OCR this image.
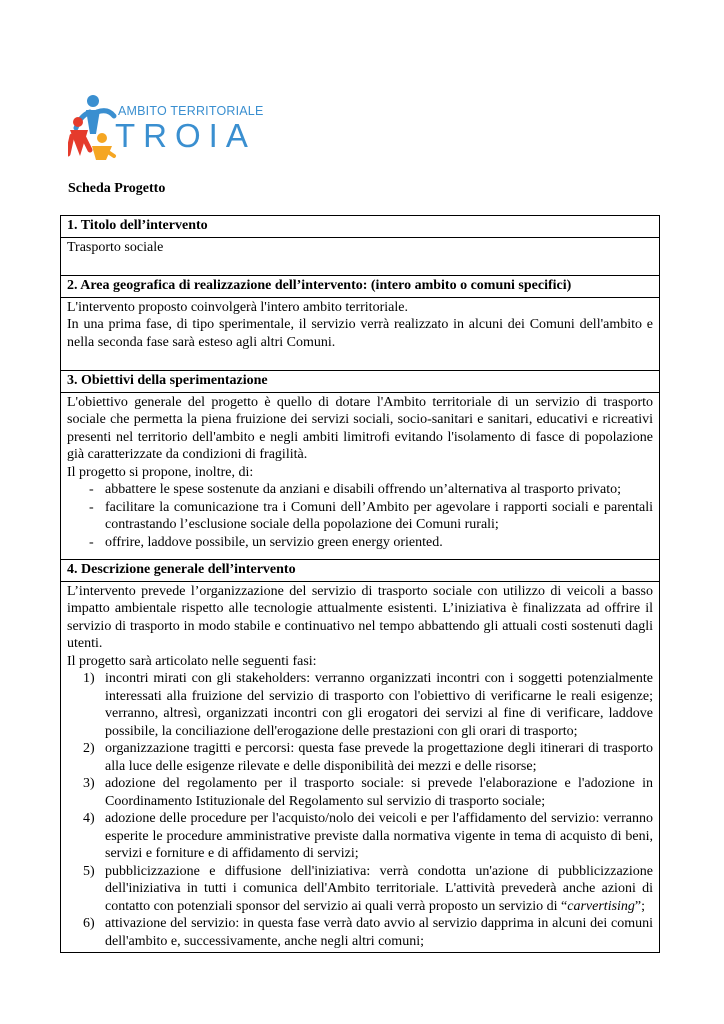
AMBITO TERRITORIALE
TROIA
Scheda Progetto
1. Titolo dell’intervento

Trasporto sociale

2. Area geografica di realizzazione dell’intervento: (intero ambito o comuni specifici)

L'intervento proposto coinvolgerà l'intero ambito territoriale.

In una prima fase, di tipo sperimentale, il servizio verrà realizzato in alcuni dei Comuni dell'ambito e nella seconda fase sarà esteso agli altri Comuni.

3. Obiettivi della sperimentazione

L'obiettivo generale del progetto è quello di dotare l'Ambito territoriale di un servizio di trasporto sociale che permetta la piena fruizione dei servizi sociali, socio-sanitari e sanitari, educativi e ricreativi presenti nel territorio dell'ambito e negli ambiti limitrofi evitando l'isolamento di fasce di popolazione già caratterizzate da condizioni di fragilità.

Il progetto si propone, inoltre, di:

- abbattere le spese sostenute da anziani e disabili offrendo un’alternativa al trasporto privato;
- facilitare la comunicazione tra i Comuni dell’Ambito per agevolare i rapporti sociali e parentali contrastando l’esclusione sociale della popolazione dei Comuni rurali;
- offrire, laddove possibile, un servizio green energy oriented.

4. Descrizione generale dell’intervento

L’intervento prevede l’organizzazione del servizio di trasporto sociale con utilizzo di veicoli a basso impatto ambientale rispetto alle tecnologie attualmente esistenti. L’iniziativa è finalizzata ad offrire il servizio di trasporto in modo stabile e continuativo nel tempo abbattendo gli attuali costi sostenuti dagli utenti.

Il progetto sarà articolato nelle seguenti fasi:

1) incontri mirati con gli stakeholders: verranno organizzati incontri con i soggetti potenzialmente interessati alla fruizione del servizio di trasporto con l'obiettivo di verificarne le reali esigenze; verranno, altresì, organizzati incontri con gli erogatori dei servizi al fine di verificare, laddove possibile, la conciliazione dell'erogazione delle prestazioni con gli orari di trasporto;
2) organizzazione tragitti e percorsi: questa fase prevede la progettazione degli itinerari di trasporto alla luce delle esigenze rilevate e delle disponibilità dei mezzi e delle risorse;
3) adozione del regolamento per il trasporto sociale: si prevede l'elaborazione e l'adozione in Coordinamento Istituzionale del Regolamento sul servizio di trasporto sociale;
4) adozione delle procedure per l'acquisto/nolo dei veicoli e per l'affidamento del servizio: verranno esperite le procedure amministrative previste dalla normativa vigente in tema di acquisto di beni, servizi e forniture e di affidamento di servizi;
5) pubblicizzazione e diffusione dell'iniziativa: verrà condotta un'azione di pubblicizzazione dell'iniziativa in tutti i comunica dell'Ambito territoriale. L'attività prevederà anche azioni di contatto con potenziali sponsor del servizio ai quali verrà proposto un servizio di “carvertising”;
6) attivazione del servizio: in questa fase verrà dato avvio al servizio dapprima in alcuni dei comuni dell'ambito e, successivamente, anche negli altri comuni;
